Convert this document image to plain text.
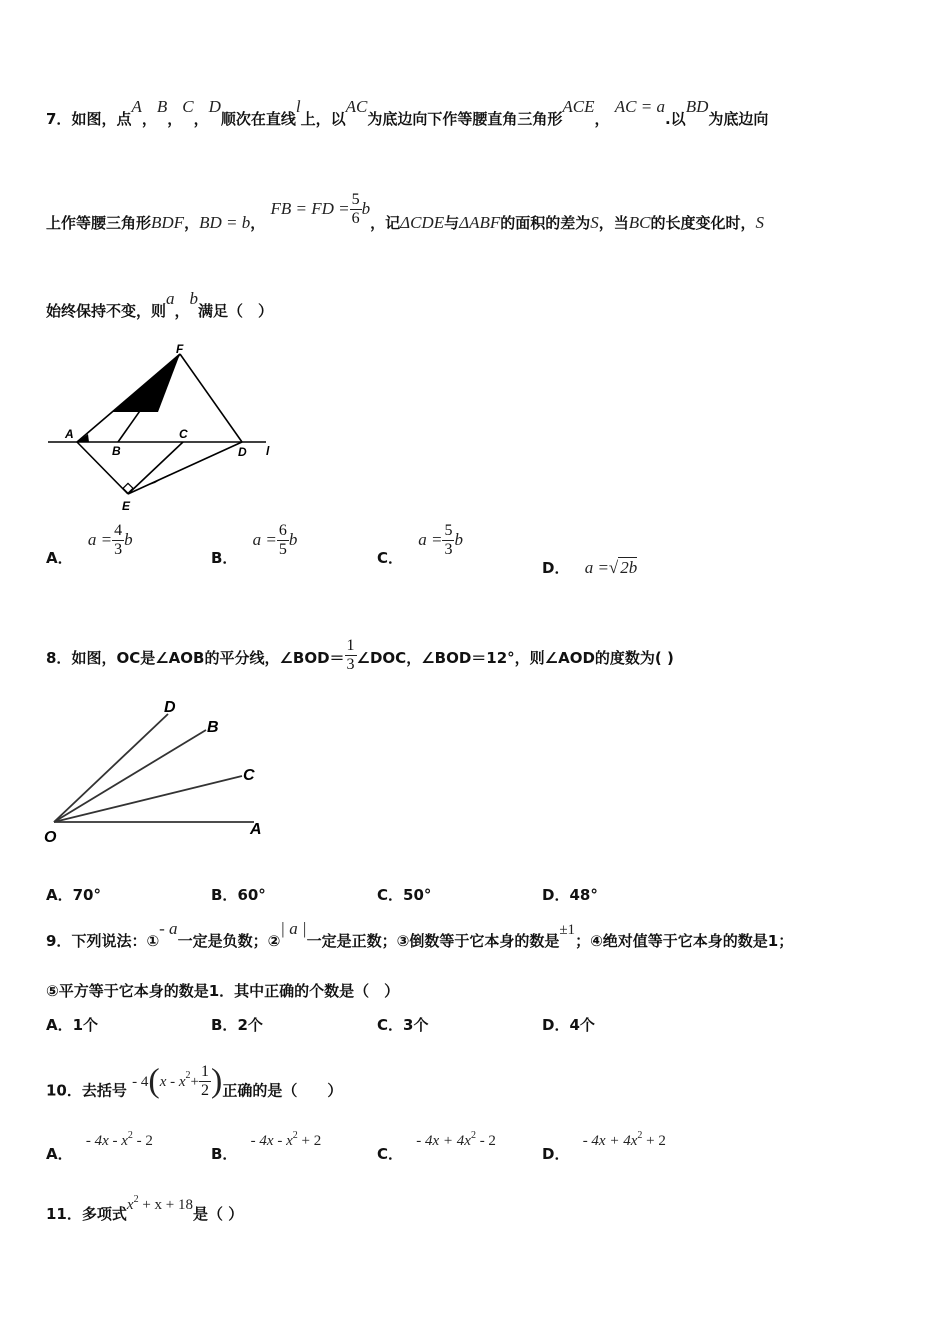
7．如图，点A，B，C，D顺次在直线l上，以AC为底边向下作等腰直角三角形ACE， AC = a.以BD为底边向
上作等腰三角形BDF，BD = b， FB = FD = $\frac{5}{6}$ b，记ΔCDE与ΔABF的面积的差为S，当BC的长度变化时，S
始终保持不变，则a，b满足（　）
F
A
B
C
D l
E
A． $a = \frac{4}{3}$ b
B． $a = \frac{6}{5}$ b
C． $a = \frac{5}{3}$ b
D． a =√ 2b
8．如图，OC是∠AOB的平分线，∠BOD＝ $\frac{1}{3}$ ∠DOC，∠BOD＝12°，则∠AOD的度数为( )
D
B
C
O	A
A．70°	B．60°	C．50°	D．48°
9．下列说法：①- a一定是负数；②| a |一定是正数；③倒数等于它本身的数是±1；④绝对值等于它本身的数是1；
⑤平方等于它本身的数是1．其中正确的个数是（　）
A．1个	B．2个	C．3个	D．4个
10．去括号 - $4(x - x^2+ \frac{1}{2}$ )正确的是（　　）
A． - $4x - x^2 - 2$
B． - $4x - x^2 + 2$
C． - $4x + 4x^2 - 2$
D． - $4x + 4x^2 + 2$
11．多项式$x^2 + x + 18$是（ ）
